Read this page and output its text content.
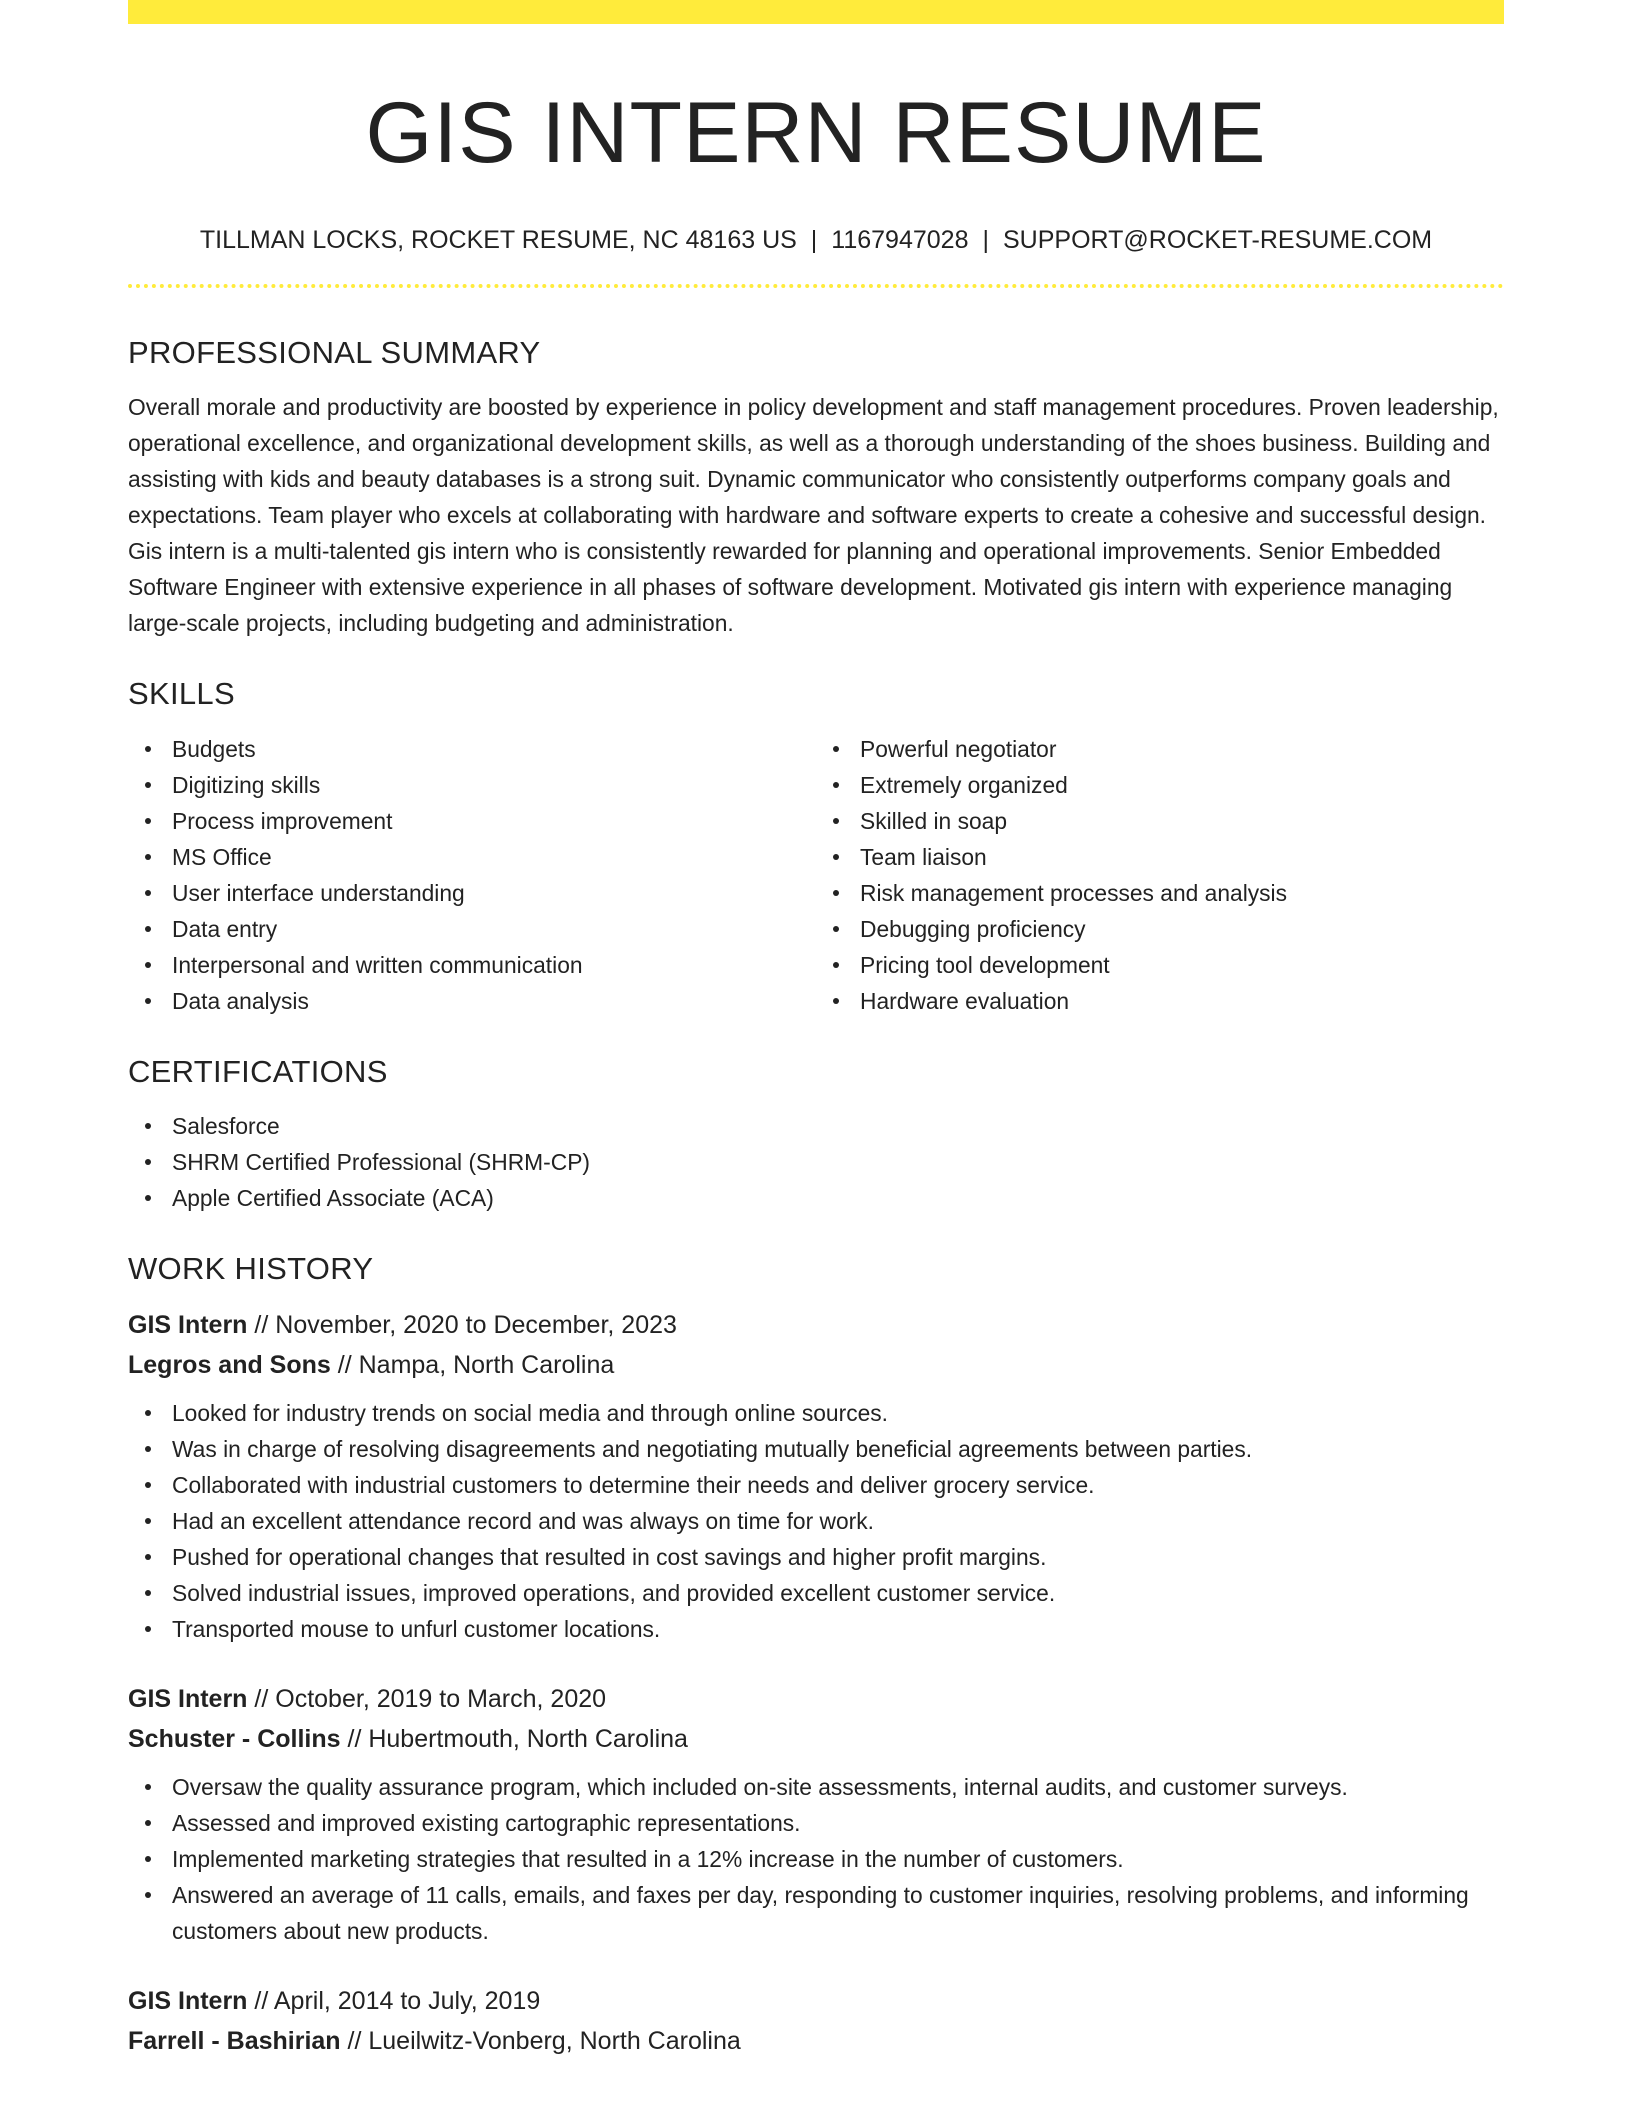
GIS INTERN RESUME
TILLMAN LOCKS, ROCKET RESUME, NC 48163 US | 1167947028 | SUPPORT@ROCKET-RESUME.COM
PROFESSIONAL SUMMARY

Overall morale and productivity are boosted by experience in policy development and staff management procedures. Proven leadership, operational excellence, and organizational development skills, as well as a thorough understanding of the shoes business. Building and assisting with kids and beauty databases is a strong suit. Dynamic communicator who consistently outperforms company goals and expectations. Team player who excels at collaborating with hardware and software experts to create a cohesive and successful design. Gis intern is a multi-talented gis intern who is consistently rewarded for planning and operational improvements. Senior Embedded Software Engineer with extensive experience in all phases of software development. Motivated gis intern with experience managing large-scale projects, including budgeting and administration.

SKILLS
Budgets
Digitizing skills
Process improvement
MS Office
User interface understanding
Data entry
Interpersonal and written communication
Data analysis
Powerful negotiator
Extremely organized
Skilled in soap
Team liaison
Risk management processes and analysis
Debugging proficiency
Pricing tool development
Hardware evaluation
CERTIFICATIONS
Salesforce
SHRM Certified Professional (SHRM-CP)
Apple Certified Associate (ACA)
WORK HISTORY
GIS Intern // November, 2020 to December, 2023
Legros and Sons // Nampa, North Carolina
Looked for industry trends on social media and through online sources.
Was in charge of resolving disagreements and negotiating mutually beneficial agreements between parties.
Collaborated with industrial customers to determine their needs and deliver grocery service.
Had an excellent attendance record and was always on time for work.
Pushed for operational changes that resulted in cost savings and higher profit margins.
Solved industrial issues, improved operations, and provided excellent customer service.
Transported mouse to unfurl customer locations.
GIS Intern // October, 2019 to March, 2020
Schuster - Collins // Hubertmouth, North Carolina
Oversaw the quality assurance program, which included on-site assessments, internal audits, and customer surveys.
Assessed and improved existing cartographic representations.
Implemented marketing strategies that resulted in a 12% increase in the number of customers.
Answered an average of 11 calls, emails, and faxes per day, responding to customer inquiries, resolving problems, and informing customers about new products.
GIS Intern // April, 2014 to July, 2019
Farrell - Bashirian // Lueilwitz-Vonberg, North Carolina
